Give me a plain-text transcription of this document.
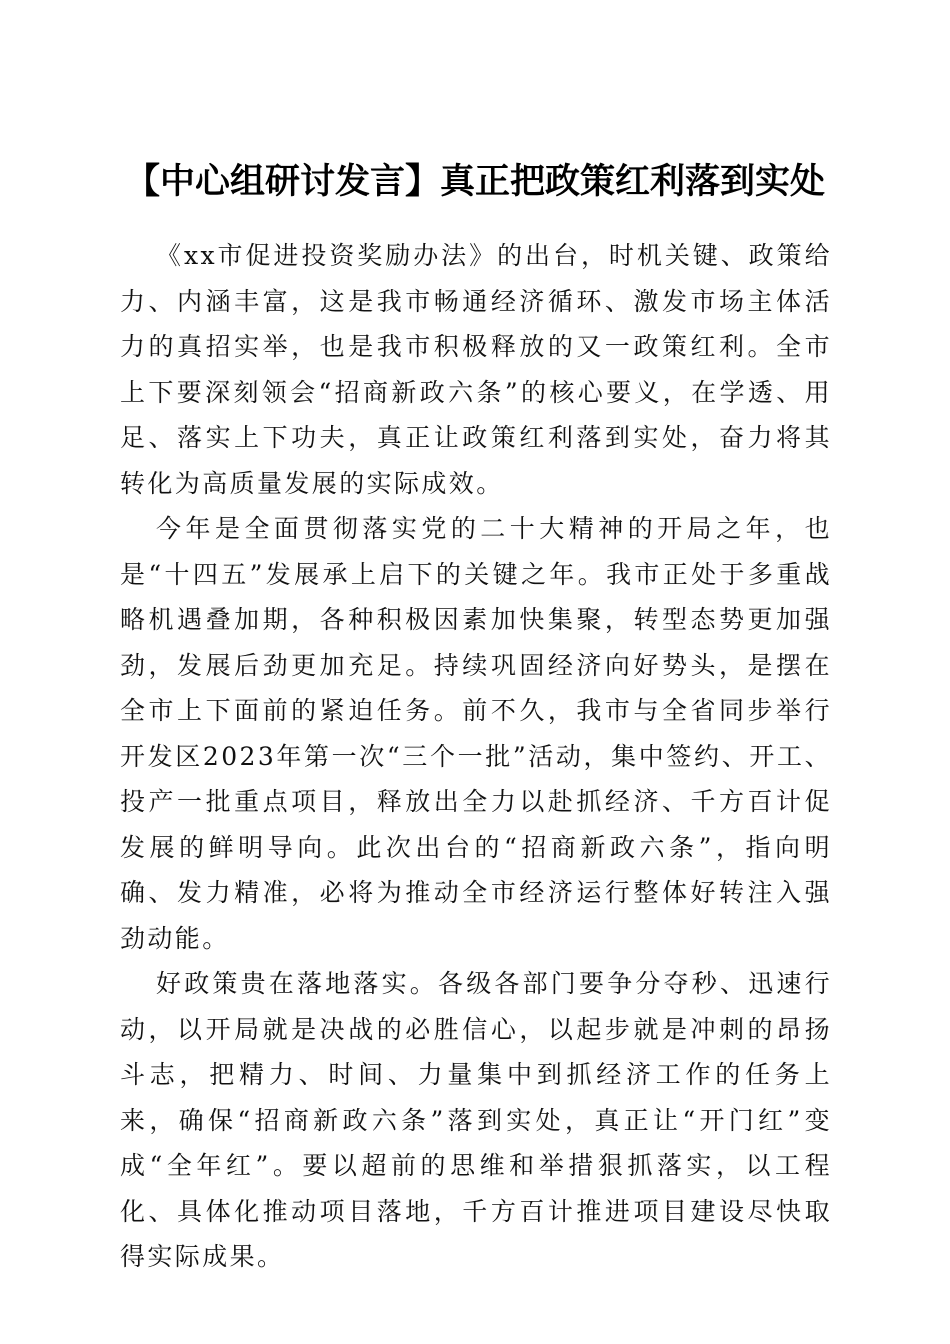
【中心组研讨发言】真正把政策红利落到实处

《xx市促进投资奖励办法》的出台，时机关键、政策给力、内涵丰富，这是我市畅通经济循环、激发市场主体活力的真招实举，也是我市积极释放的又一政策红利。全市上下要深刻领会“招商新政六条”的核心要义，在学透、用足、落实上下功夫，真正让政策红利落到实处，奋力将其转化为高质量发展的实际成效。

今年是全面贯彻落实党的二十大精神的开局之年，也是“十四五”发展承上启下的关键之年。我市正处于多重战略机遇叠加期，各种积极因素加快集聚，转型态势更加强劲，发展后劲更加充足。持续巩固经济向好势头，是摆在全市上下面前的紧迫任务。前不久，我市与全省同步举行开发区2023年第一次“三个一批”活动，集中签约、开工、投产一批重点项目，释放出全力以赴抓经济、千方百计促发展的鲜明导向。此次出台的“招商新政六条”，指向明确、发力精准，必将为推动全市经济运行整体好转注入强劲动能。

好政策贵在落地落实。各级各部门要争分夺秒、迅速行动，以开局就是决战的必胜信心，以起步就是冲刺的昂扬斗志，把精力、时间、力量集中到抓经济工作的任务上来，确保“招商新政六条”落到实处，真正让“开门红”变成“全年红”。要以超前的思维和举措狠抓落实，以工程化、具体化推动项目落地，千方百计推进项目建设尽快取得实际成果。
